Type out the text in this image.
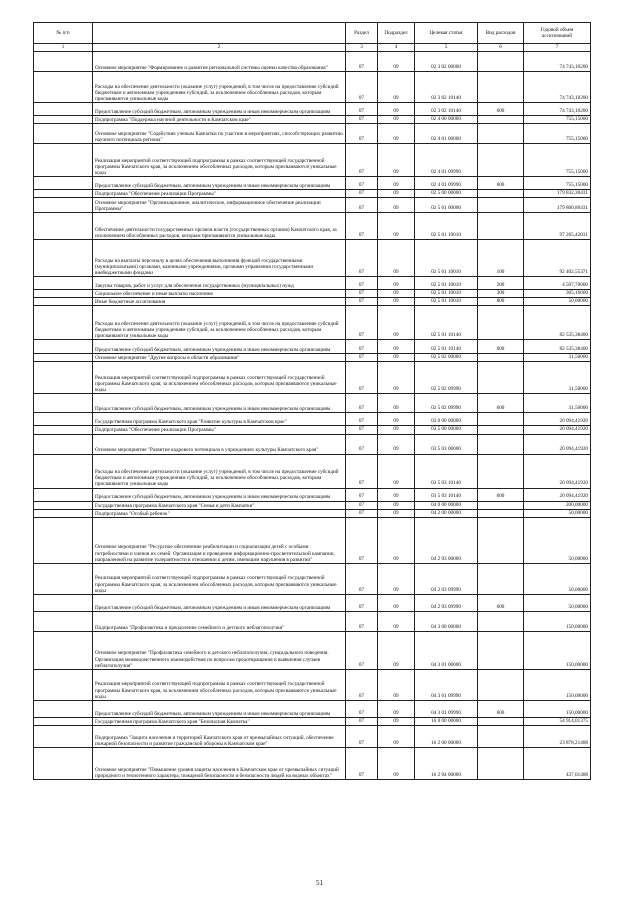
№ п/п		Раздел	Подраздел	Целевая статья	Вид расходов	Годовой объем ассигнований
1	2	3	4	5	6	7
	Основное мероприятие "Формирование и развитие региональной системы оценки качества образования"	07	09	02 3 02 00000		74 743,10200
	Расходы на обеспечение деятельности (оказание услуг) учреждений, в том числе на предоставление субсидий бюджетным и автономным учреждениям субсидий, за исключением обособленных расходов, которым присваиваются уникальные коды	07	09	02 3 02 10140		74 743,10200
	Предоставление субсидий бюджетным, автономным учреждениям и иным некоммерческим организациям	07	09	02 3 02 10140	600	74 743,10200
	Подпрограмма "Поддержка научной деятельности в Камчатском крае"	07	09	02 4 00 00000		755,15000
	Основное мероприятие "Содействие ученым Камчатки по участию в мероприятиях, способствующих развитию научного потенциала региона"	07	09	02 4 01 00000		755,15000
	Реализация мероприятий соответствующей подпрограммы в рамках соответствующей государственной программы Камчатского края, за исключением обособленных расходов, которым присваиваются уникальные коды	07	09	02 4 01 09990		755,15000
	Предоставление субсидий бюджетным, автономным учреждениям и иным некоммерческим организациям	07	09	02 4 01 09990	600	755,15000
	Подпрограмма "Обеспечение реализации Программы"	07	09	02 5 00 00000		179 832,30431
	Основное мероприятие "Организационное, аналитическое, информационное обеспечение реализации Программы"	07	09	02 5 01 00000		179 800,80431
	Обеспечение деятельности государственных органов власти (государственных органов) Камчатского края, за исключением обособленных расходов, которым присваиваются уникальные коды	07	09	02 5 01 10010		97 265,42031
	Расходы на выплаты персоналу в целях обеспечения выполнения функций государственными (муниципальными) органами, казенными учреждениями, органами управления государственными внебюджетными фондами	07	09	02 5 01 10010	100	92 402,55371
	Закупка товаров, работ и услуг для обеспечения государственных (муниципальных) нужд	07	09	02 5 01 10010	200	4 507,70000
	Социальное обеспечение и иные выплаты населению	07	09	02 5 01 10010	300	305,16660
	Иные бюджетные ассигнования	07	09	02 5 01 10010	800	50,00000
	Расходы на обеспечение деятельности (оказание услуг) учреждений, в том числе на предоставление субсидий бюджетным и автономным учреждениям субсидий, за исключением обособленных расходов, которым присваиваются уникальные коды	07	09	02 5 01 10140		82 535,38400
	Предоставление субсидий бюджетным, автономным учреждениям и иным некоммерческим организациям	07	09	02 5 01 10140	600	82 535,38400
	Основное мероприятие "Другие вопросы в области образования"	07	09	02 5 02 00000		31,50000
	Реализация мероприятий соответствующей подпрограммы в рамках соответствующей государственной программы Камчатского края, за исключением обособленных расходов, которым присваиваются уникальные коды	07	09	02 5 02 09990		31,50000
	Предоставление субсидий бюджетным, автономным учреждениям и иным некоммерческим организациям	07	09	02 5 02 09990	600	31,50000
	Государственная программа Камчатского края "Развитие культуры в Камчатском крае"	07	09	03 0 00 00000		20 094,41920
	Подпрограмма "Обеспечение реализации Программы"	07	09	03 5 00 00000		20 094,41920
	Основное мероприятие "Развитие кадрового потенциала в учреждениях культуры Камчатского края"	07	09	03 5 03 00000		20 094,41920
	Расходы на обеспечение деятельности (оказание услуг) учреждений, в том числе на предоставление субсидий бюджетным и автономным учреждениям субсидий, за исключением обособленных расходов, которым присваиваются уникальные коды	07	09	03 5 03 10140		20 094,41920
	Предоставление субсидий бюджетным, автономным учреждениям и иным некоммерческим организациям	07	09	03 5 03 10140	600	20 094,41920
	Государственная программа Камчатского края "Семья и дети Камчатки"	07	09	04 0 00 00000		200,00000
	Подпрограмма "Особый ребенок"	07	09	04 2 00 00000		50,00000
	Основное мероприятие "Ресурсное обеспечение реабилитации и социализации детей с особыми потребностями и членов их семей. Организация и проведение информационно-просветительской кампании, направленной на развитие толерантности в отношении к детям, имеющим нарушения в развитии"	07	09	04 2 03 00000		50,00000
	Реализация мероприятий соответствующей подпрограммы в рамках соответствующей государственной программы Камчатского края, за исключением обособленных расходов, которым присваиваются уникальные коды	07	09	04 2 03 09990		50,00000
	Предоставление субсидий бюджетным, автономным учреждениям и иным некоммерческим организациям	07	09	04 2 03 09990	600	50,00000
	Подпрограмма "Профилактика и преодоление семейного и детского неблагополучия"	07	09	04 3 00 00000		150,00000
	Основное мероприятие "Профилактика семейного и детского неблагополучия, суицидального поведения. Организация межведомственного взаимодействия по вопросам предотвращения и выявления случаев неблагополучия"	07	09	04 3 01 00000		150,00000
	Реализация мероприятий соответствующей подпрограммы в рамках соответствующей государственной программы Камчатского края, за исключением обособленных расходов, которым присваиваются уникальные коды	07	09	04 3 01 09990		150,00000
	Предоставление субсидий бюджетным, автономным учреждениям и иным некоммерческим организациям	07	09	04 3 01 09990	600	150,00000
	Государственная программа Камчатского края "Безопасная Камчатка"	07	09	16 0 00 00000		54 914,01375
	Подпрограмма "Защита населения и территорий Камчатского края от чрезвычайных ситуаций, обеспечение пожарной безопасности и развитие гражданской обороны в Камчатском крае"	07	09	16 2 00 00000		23 878,21408
	Основное мероприятие "Повышение уровня защиты населения в Камчатском крае от чрезвычайных ситуаций природного и техногенного характера, пожарной безопасности и безопасности людей на водных объектах"	07	09	16 2 04 00000		437,01408
51
